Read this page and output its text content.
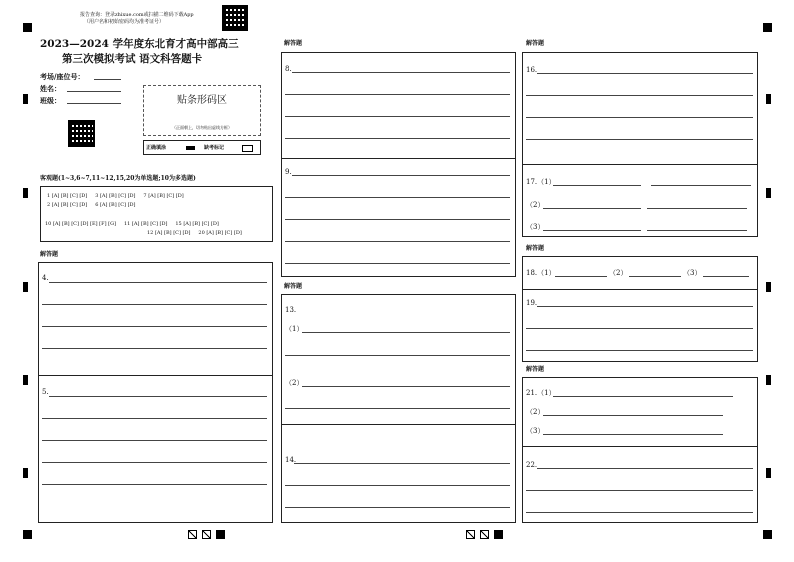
报告查询：登录zhixue.com或扫描二维码下载App
（用户名和初始密码均为准考证号）
2023—2024 学年度东北育才高中部高三
第三次模拟考试 语文科答题卡
考场/座位号：
姓名：
班级：	贴条形码区
（正面朝上，切勿贴出虚线方框）
正确填涂	缺考标记
客观题(1~3,6~7,11~12,15,20为单选题;10为多选题)
1 [A] [B] [C] [D]     3 [A] [B] [C] [D]     7 [A] [B] [C] [D]
2 [A] [B] [C] [D]     6 [A] [B] [C] [D]
10 [A] [B] [C] [D] [E] [F] [G]     11 [A] [B] [C] [D]     15 [A] [B] [C] [D]
12 [A] [B] [C] [D]     20 [A] [B] [C] [D]
解答题
4.
5.
解答题
8.
9.
解答题
13.
（1）
（2）
14.
解答题
16.
17.（1）
（2）
（3）
解答题
18.（1）	（2）	（3）
19.
解答题
21.（1）
（2）
（3）
22.
